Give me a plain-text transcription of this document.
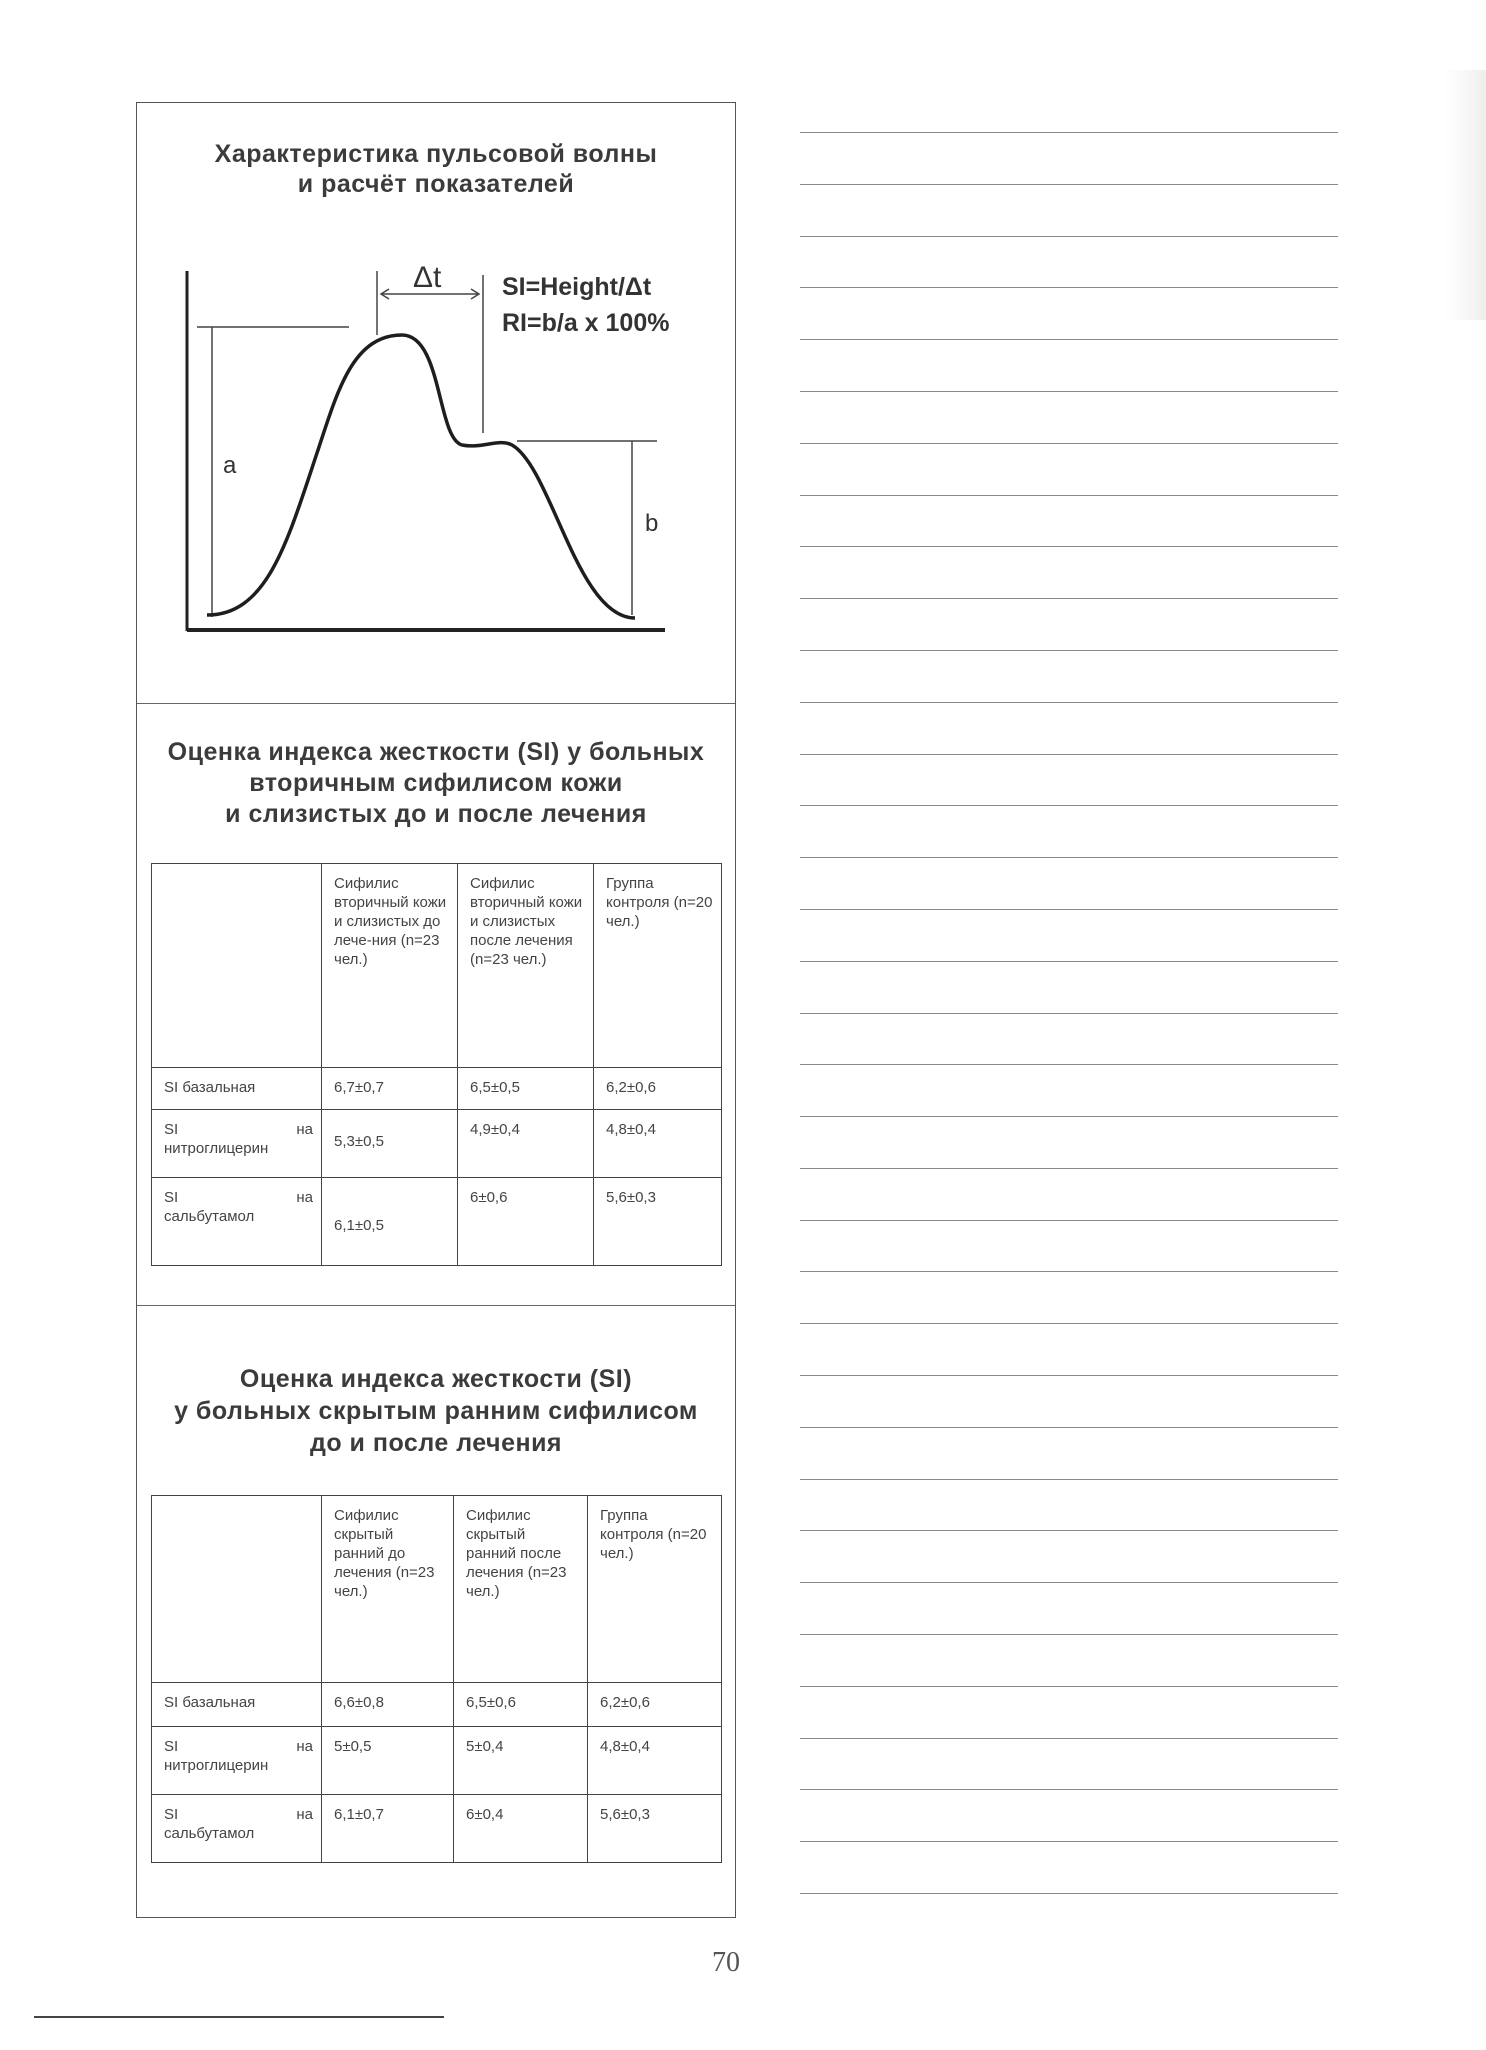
Характеристика пульсовой волны
и расчёт показателей
Δt SI=Height/Δt
RI=b/a x 100%
a
b
Оценка индекса жесткости (SI) у больных
вторичным сифилисом кожи
и слизистых до и после лечения
	Сифилис вторичный кожи и слизистых до лече-ния (n=23 чел.)	Сифилис вторичный кожи и слизистых после лечения (n=23 чел.)	Группа контроля (n=20 чел.)
SI базальная	6,7±0,7	6,5±0,5	6,2±0,6

SI на
нитроглицерин	5,3±0,5	4,9±0,4	4,8±0,4

SI на
сальбутамол	6,1±0,5	6±0,6	5,6±0,3
Оценка индекса жесткости (SI)
у больных скрытым ранним сифилисом
до и после лечения
	Сифилис скрытый ранний до лечения (n=23 чел.)	Сифилис скрытый ранний после лечения (n=23 чел.)	Группа контроля (n=20 чел.)
SI базальная	6,6±0,8	6,5±0,6	6,2±0,6

SI на
нитроглицерин	5±0,5	5±0,4	4,8±0,4

SI на
сальбутамол	6,1±0,7	6±0,4	5,6±0,3
70
